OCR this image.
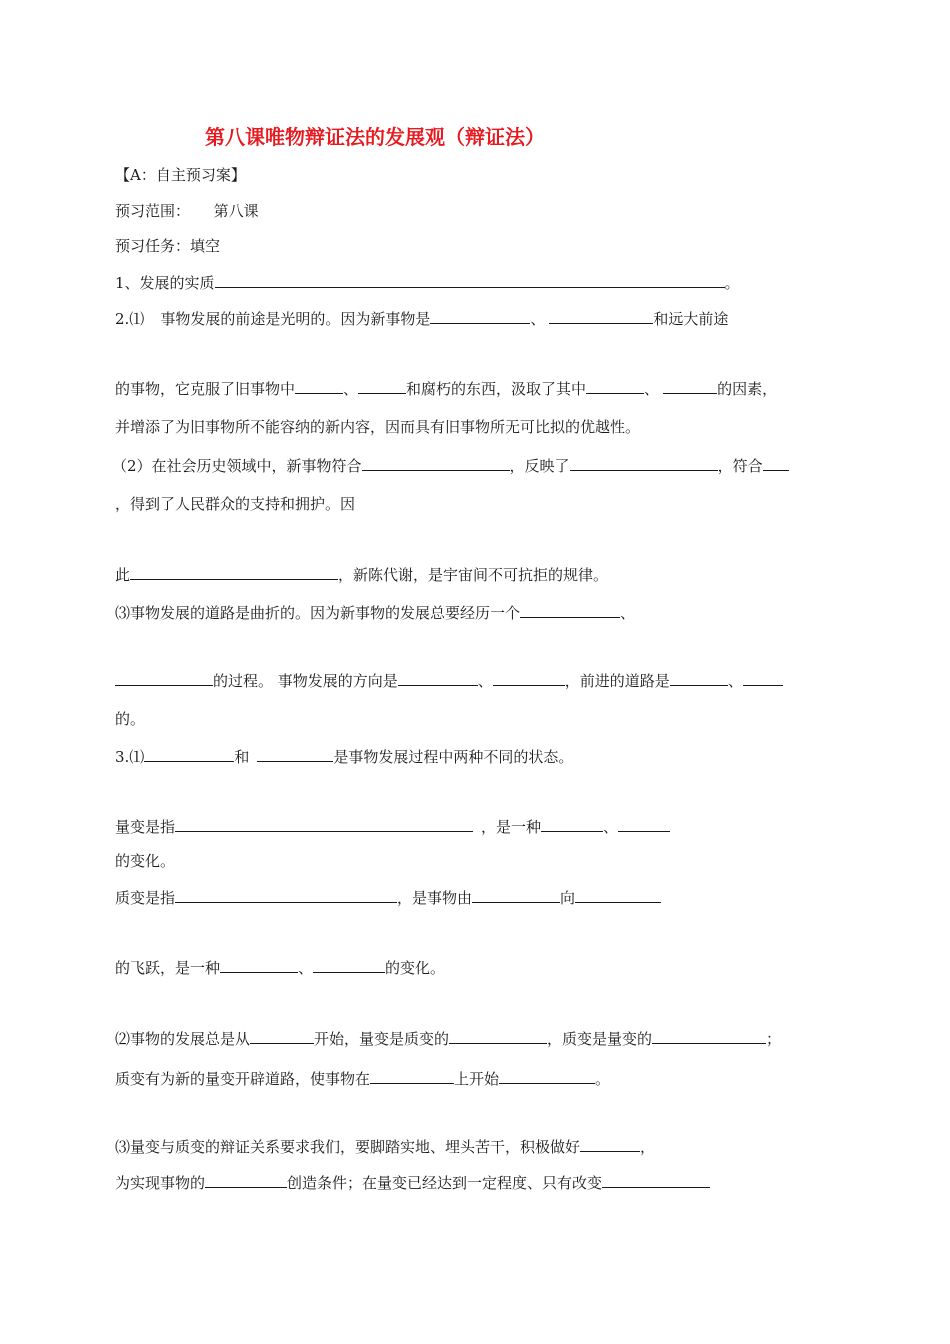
第八课唯物辩证法的发展观（辩证法）
【A：自主预习案】
预习范围： 第八课
预习任务：填空
1、发展的实质	。
2.⑴ 事物发展的前途是光明的。因为新事物是	、	和远大前途
的事物，它克服了旧事物中	、	和腐朽的东西，汲取了其中	、	的因素，
并增添了为旧事物所不能容纳的新内容，因而具有旧事物所无可比拟的优越性。
（2）在社会历史领域中，新事物符合	，反映了	，符合
，得到了人民群众的支持和拥护。因
此	，新陈代谢，是宇宙间不可抗拒的规律。
⑶事物发展的道路是曲折的。因为新事物的发展总要经历一个	、
的过程。 事物发展的方向是	、	，前进的道路是	、
的。
3.⑴	和	是事物发展过程中两种不同的状态。
量变是指	，是一种	、
的变化。
质变是指	，是事物由	向
的飞跃，是一种	、	的变化。
⑵事物的发展总是从	开始，量变是质变的	，质变是量变的	；
质变有为新的量变开辟道路，使事物在	上开始	。
⑶量变与质变的辩证关系要求我们，要脚踏实地、埋头苦干，积极做好	，
为实现事物的	创造条件；在量变已经达到一定程度、只有改变
